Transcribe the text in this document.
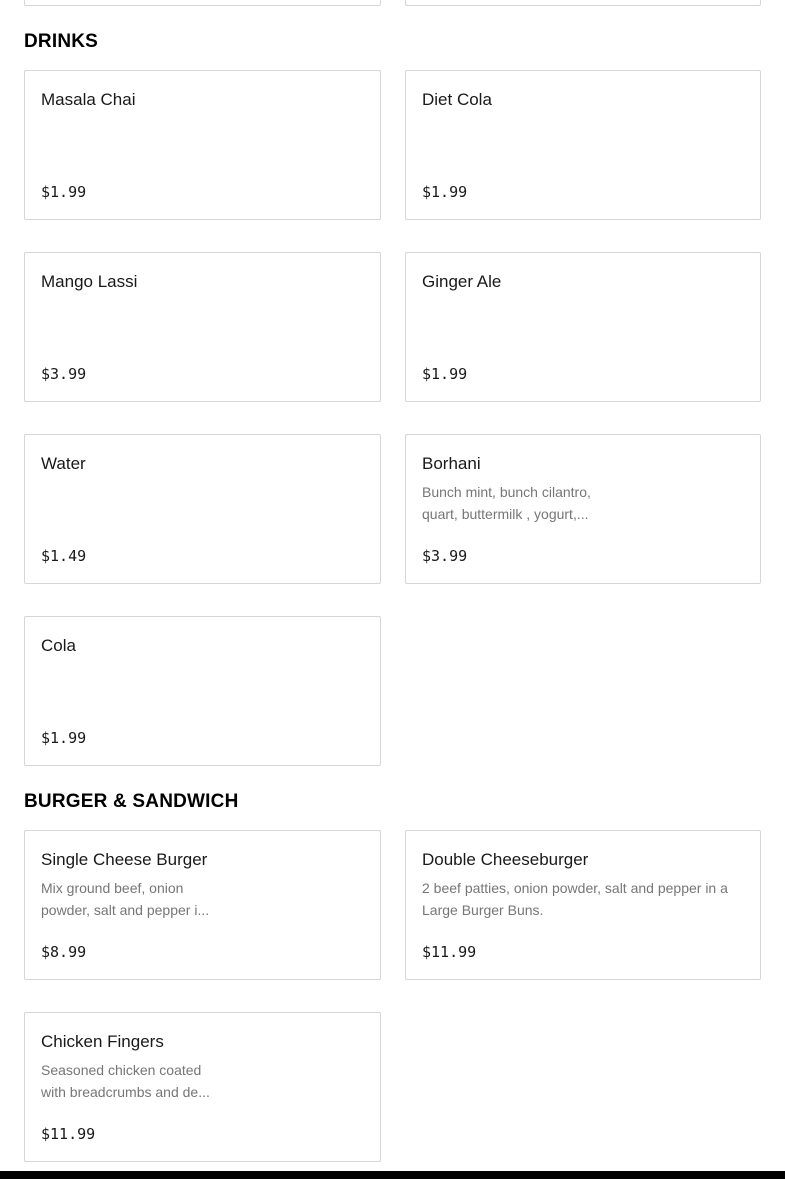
DRINKS
Masala Chai
$1.99
Diet Cola
$1.99
Mango Lassi
$3.99
Ginger Ale
$1.99
Water
$1.49
Borhani

Bunch mint, bunch cilantro, quart, buttermilk , yogurt,...

$3.99
Cola
$1.99
BURGER & SANDWICH
Single Cheese Burger

Mix ground beef, onion powder, salt and pepper i...

$8.99
Double Cheeseburger

2 beef patties, onion powder, salt and pepper in a Large Burger Buns.

$11.99
Chicken Fingers

Seasoned chicken coated with breadcrumbs and de...

$11.99
